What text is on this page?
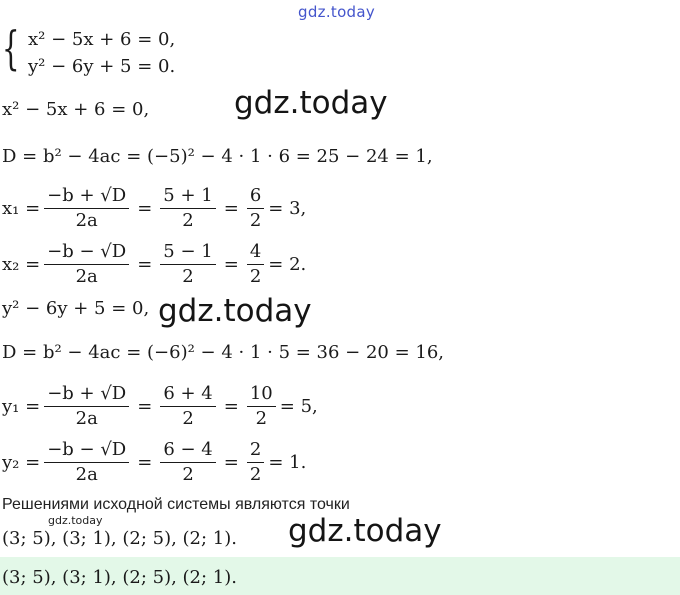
gdz.today
gdz.today
gdz.today
gdz.today
gdz.today
{ x² − 5x + 6 = 0,
y² − 6y + 5 = 0.
x² − 5x + 6 = 0,
D = b² − 4ac = (−5)² − 4 · 1 · 6 = 25 − 24 = 1,
$x_1 = \frac{-b + √D}{2a} = \frac{5 + 1}{2} = \frac{6}{2} = 3$,
$x_2 = \frac{-b - √D}{2a} = \frac{5 - 1}{2} = \frac{4}{2} = 2$.
y² − 6y + 5 = 0,
D = b² − 4ac = (−6)² − 4 · 1 · 5 = 36 − 20 = 16,
$y_1 = \frac{-b + √D}{2a} = \frac{6 + 4}{2} = \frac{10}{2} = 5$,
$y_2 = \frac{-b - √D}{2a} = \frac{6 - 4}{2} = \frac{2}{2} = 1$.
Решениями исходной системы являются точки
(3; 5), (3; 1), (2; 5), (2; 1).
(3; 5), (3; 1), (2; 5), (2; 1).
